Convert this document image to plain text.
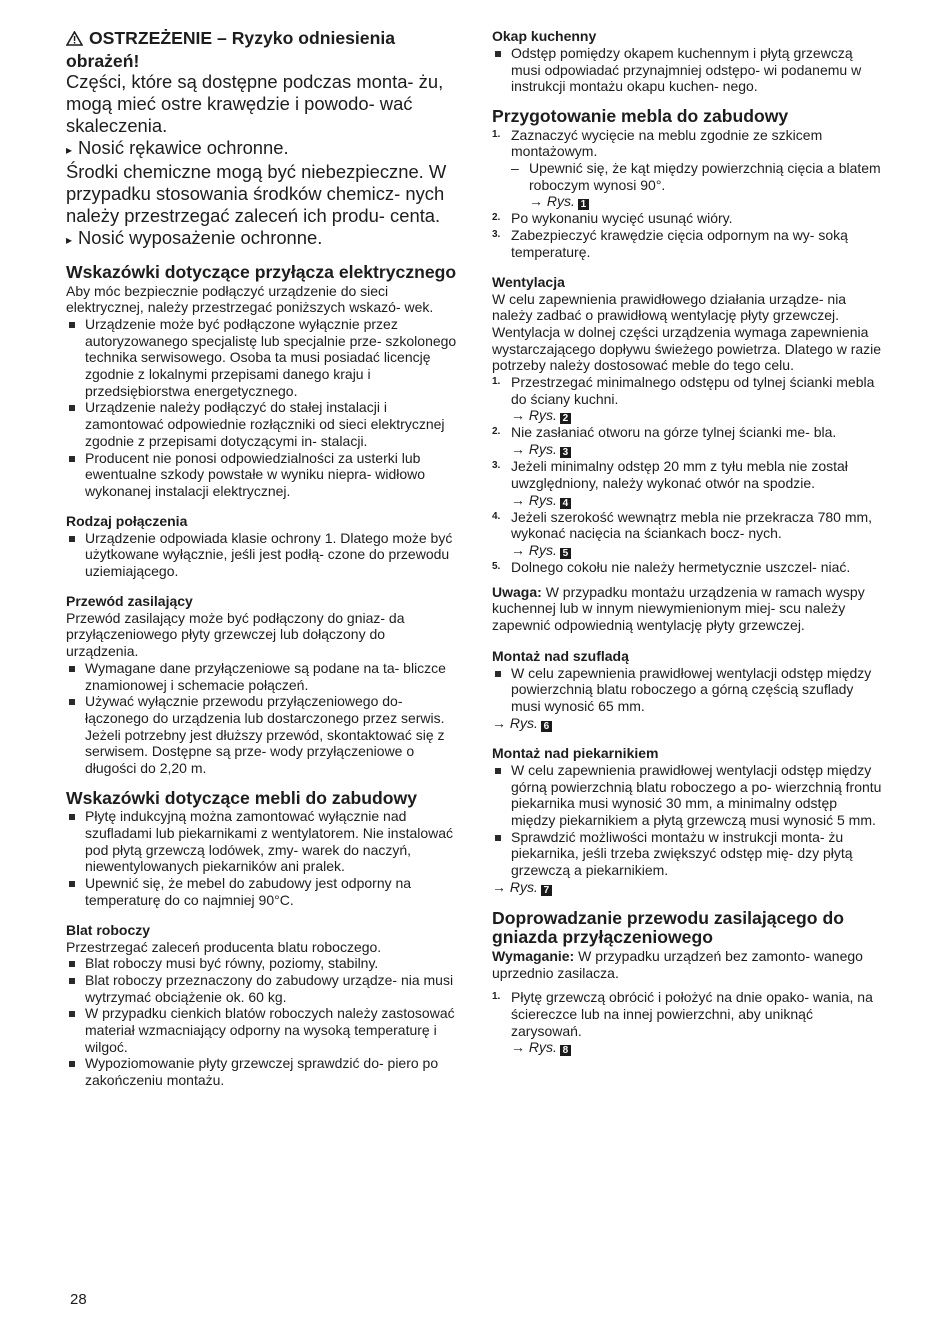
OSTRZEŻENIE – Ryzyko odniesienia
obrażeń!

Części, które są dostępne podczas monta- żu, mogą mieć ostre krawędzie i powodo- wać skaleczenia.

▸ Nosić rękawice ochronne.

Środki chemiczne mogą być niebezpieczne. W przypadku stosowania środków chemicz- nych należy przestrzegać zaleceń ich produ- centa.

▸ Nosić wyposażenie ochronne.

Wskazówki dotyczące przyłącza elektrycznego

Aby móc bezpiecznie podłączyć urządzenie do sieci elektrycznej, należy przestrzegać poniższych wskazó- wek.

Urządzenie może być podłączone wyłącznie przez autoryzowanego specjalistę lub specjalnie prze- szkolonego technika serwisowego. Osoba ta musi posiadać licencję zgodnie z lokalnymi przepisami danego kraju i przedsiębiorstwa energetycznego.
Urządzenie należy podłączyć do stałej instalacji i zamontować odpowiednie rozłączniki od sieci elektrycznej zgodnie z przepisami dotyczącymi in- stalacji.
Producent nie ponosi odpowiedzialności za usterki lub ewentualne szkody powstałe w wyniku niepra- widłowo wykonanej instalacji elektrycznej.
Rodzaj połączenia
Urządzenie odpowiada klasie ochrony 1. Dlatego może być użytkowane wyłącznie, jeśli jest podłą- czone do przewodu uziemiającego.
Przewód zasilający

Przewód zasilający może być podłączony do gniaz- da przyłączeniowego płyty grzewczej lub dołączony do urządzenia.

Wymagane dane przyłączeniowe są podane na ta- bliczce znamionowej i schemacie połączeń.
Używać wyłącznie przewodu przyłączeniowego do- łączonego do urządzenia lub dostarczonego przez serwis. Jeżeli potrzebny jest dłuższy przewód, skontaktować się z serwisem. Dostępne są prze- wody przyłączeniowe o długości do 2,20 m.
Wskazówki dotyczące mebli do zabudowy
Płytę indukcyjną można zamontować wyłącznie nad szufladami lub piekarnikami z wentylatorem. Nie instalować pod płytą grzewczą lodówek, zmy- warek do naczyń, niewentylowanych piekarników ani pralek.
Upewnić się, że mebel do zabudowy jest odporny na temperaturę do co najmniej 90°C.
Blat roboczy

Przestrzegać zaleceń producenta blatu roboczego.

Blat roboczy musi być równy, poziomy, stabilny.
Blat roboczy przeznaczony do zabudowy urządze- nia musi wytrzymać obciążenie ok. 60 kg.
W przypadku cienkich blatów roboczych należy zastosować materiał wzmacniający odporny na wysoką temperaturę i wilgoć.
Wypoziomowanie płyty grzewczej sprawdzić do- piero po zakończeniu montażu.
Okap kuchenny
Odstęp pomiędzy okapem kuchennym i płytą grzewczą musi odpowiadać przynajmniej odstępo- wi podanemu w instrukcji montażu okapu kuchen- nego.
Przygotowanie mebla do zabudowy
1. Zaznaczyć wycięcie na meblu zgodnie ze szkicem montażowym.
– Upewnić się, że kąt między powierzchnią cięcia a blatem roboczym wynosi 90°.

→ Rys. 1

2. Po wykonaniu wycięć usunąć wióry.
3. Zabezpieczyć krawędzie cięcia odpornym na wy- soką temperaturę.
Wentylacja

W celu zapewnienia prawidłowego działania urządze- nia należy zadbać o prawidłową wentylację płyty grzewczej. Wentylacja w dolnej części urządzenia wymaga zapewnienia wystarczającego dopływu świeżego powietrza. Dlatego w razie potrzeby należy dostosować meble do tego celu.

1. Przestrzegać minimalnego odstępu od tylnej ścianki mebla do ściany kuchni.
→ Rys. 2
2. Nie zasłaniać otworu na górze tylnej ścianki me- bla.
→ Rys. 3
3. Jeżeli minimalny odstęp 20 mm z tyłu mebla nie został uwzględniony, należy wykonać otwór na spodzie.
→ Rys. 4
4. Jeżeli szerokość wewnątrz mebla nie przekracza 780 mm, wykonać nacięcia na ściankach bocz- nych.
→ Rys. 5
5. Dolnego cokołu nie należy hermetycznie uszczel- niać.

Uwaga: W przypadku montażu urządzenia w ramach wyspy kuchennej lub w innym niewymienionym miej- scu należy zapewnić odpowiednią wentylację płyty grzewczej.

Montaż nad szufladą
W celu zapewnienia prawidłowej wentylacji odstęp między powierzchnią blatu roboczego a górną częścią szuflady musi wynosić 65 mm.

→ Rys. 6

Montaż nad piekarnikiem
W celu zapewnienia prawidłowej wentylacji odstęp między górną powierzchnią blatu roboczego a po- wierzchnią frontu piekarnika musi wynosić 30 mm, a minimalny odstęp między piekarnikiem a płytą grzewczą musi wynosić 5 mm.
Sprawdzić możliwości montażu w instrukcji monta- żu piekarnika, jeśli trzeba zwiększyć odstęp mię- dzy płytą grzewczą a piekarnikiem.

→ Rys. 7

Doprowadzanie przewodu zasilającego do gniazda przyłączeniowego

Wymaganie: W przypadku urządzeń bez zamonto- wanego uprzednio zasilacza.

1. Płytę grzewczą obrócić i położyć na dnie opako- wania, na ściereczce lub na innej powierzchni, aby uniknąć zarysowań.
→ Rys. 8
28
